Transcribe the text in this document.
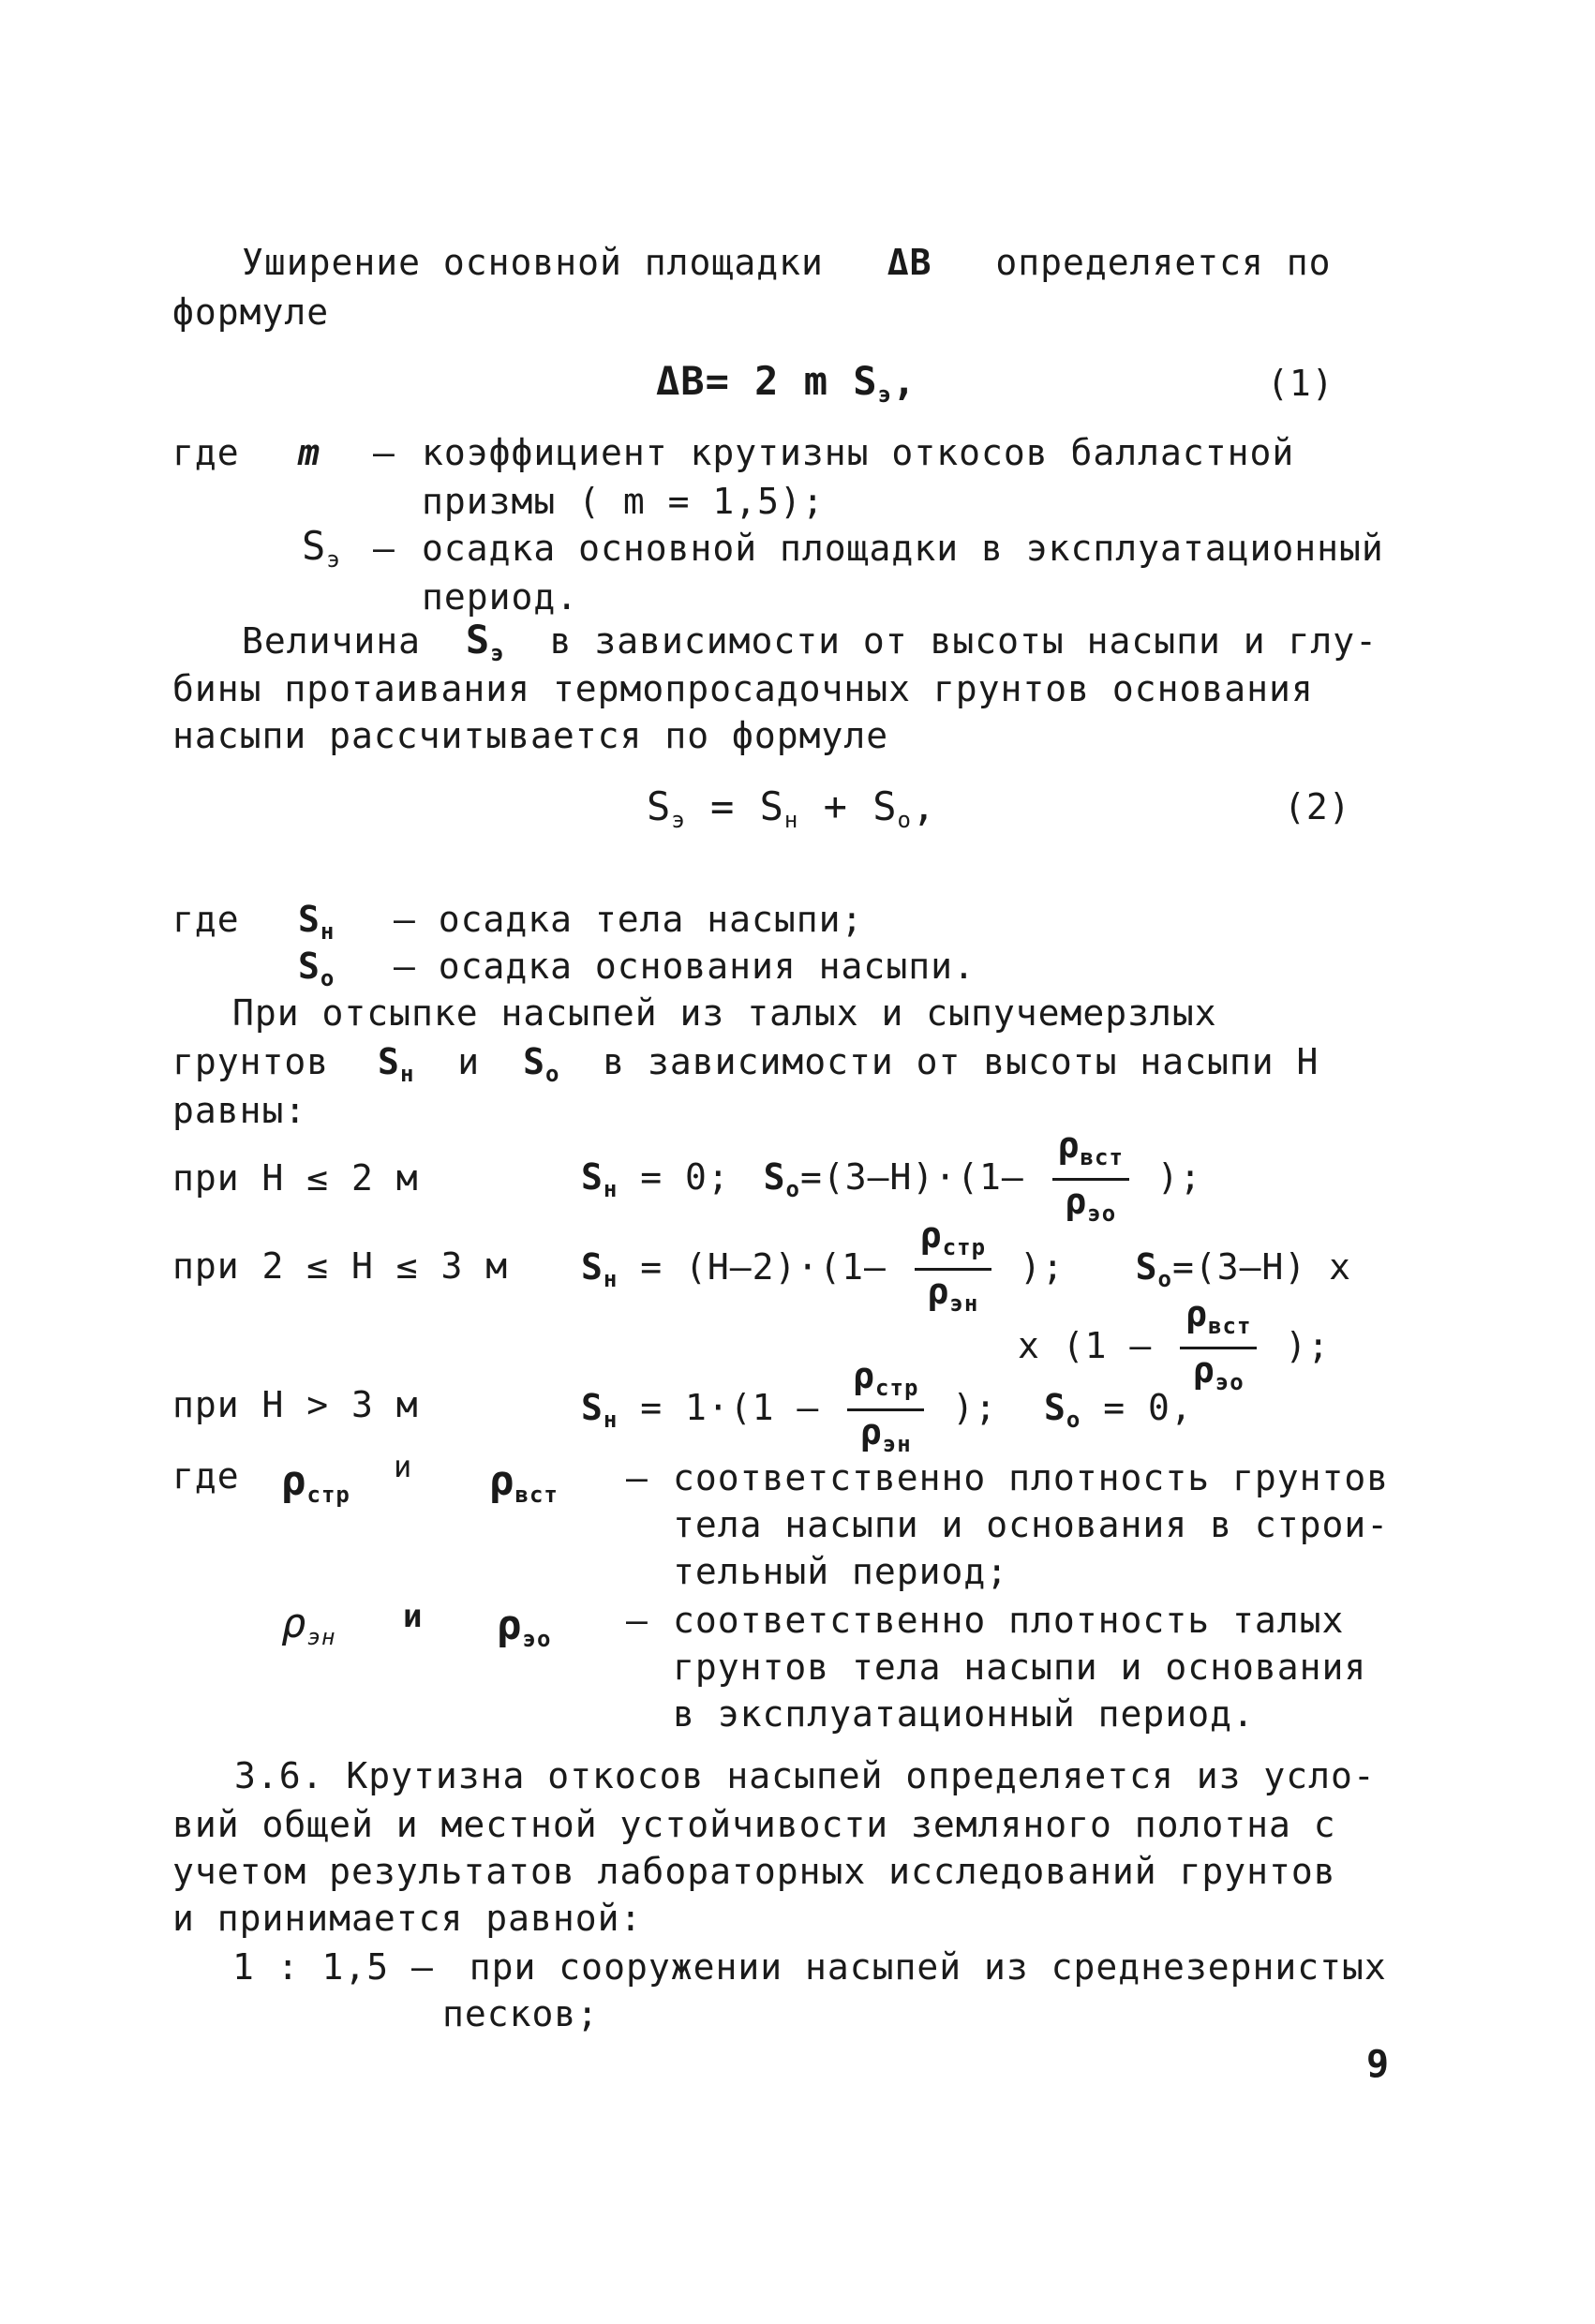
Уширение основной площадки ΔB определяется по
формуле
ΔB= 2 m $S_э$,	(1)
где m – коэффициент крутизны откосов балластной
призмы ( m = 1,5);
$S_э$ – осадка основной площадки в эксплуатационный
период.
Величина $S_э$ в зависимости от высоты насыпи и глу-
бины протаивания термопросадочных грунтов основания
насыпи рассчитывается по формуле
$S_э = S_н + S_о$,	(2)
где $S_н$ – осадка тела насыпи;
$S_о$ – осадка основания насыпи.
При отсыпке насыпей из талых и сыпучемерзлых
грунтов $S_н$ и $S_о$ в зависимости от высоты насыпи Н
равны:
при Н ≤ 2 м	$S_н = 0$; $S_о=(3-Н)\cdot(1- \frac{\rho_{вст}}{\rho_{эо}}$ );
при 2 ≤ Н ≤ 3 м $S_н = (Н-2)\cdot(1- \frac{\rho_{стр}}{\rho_{эн}}$ ); $S_о=(3-Н)$ х
х ($1 - \frac{\rho_{вст}}{\rho_{эо}}$ );
при Н > 3 м	$S_н = 1\cdot(1 - \frac{\rho_{стр}}{\rho_{эн}}$ ); $S_о = 0$,
где $\rho_{стр}$
и $\rho_{вст}$ – соответственно плотность грунтов
тела насыпи и основания в строи-
тельный период;
$\rho_{эн}$
и $\rho_{эо}$ – соответственно плотность талых
грунтов тела насыпи и основания
в эксплуатационный период.
3.6. Крутизна откосов насыпей определяется из усло-
вий общей и местной устойчивости земляного полотна с
учетом результатов лабораторных исследований грунтов
и принимается равной:
1 : 1,5 – при сооружении насыпей из среднезернистых
песков;
9
